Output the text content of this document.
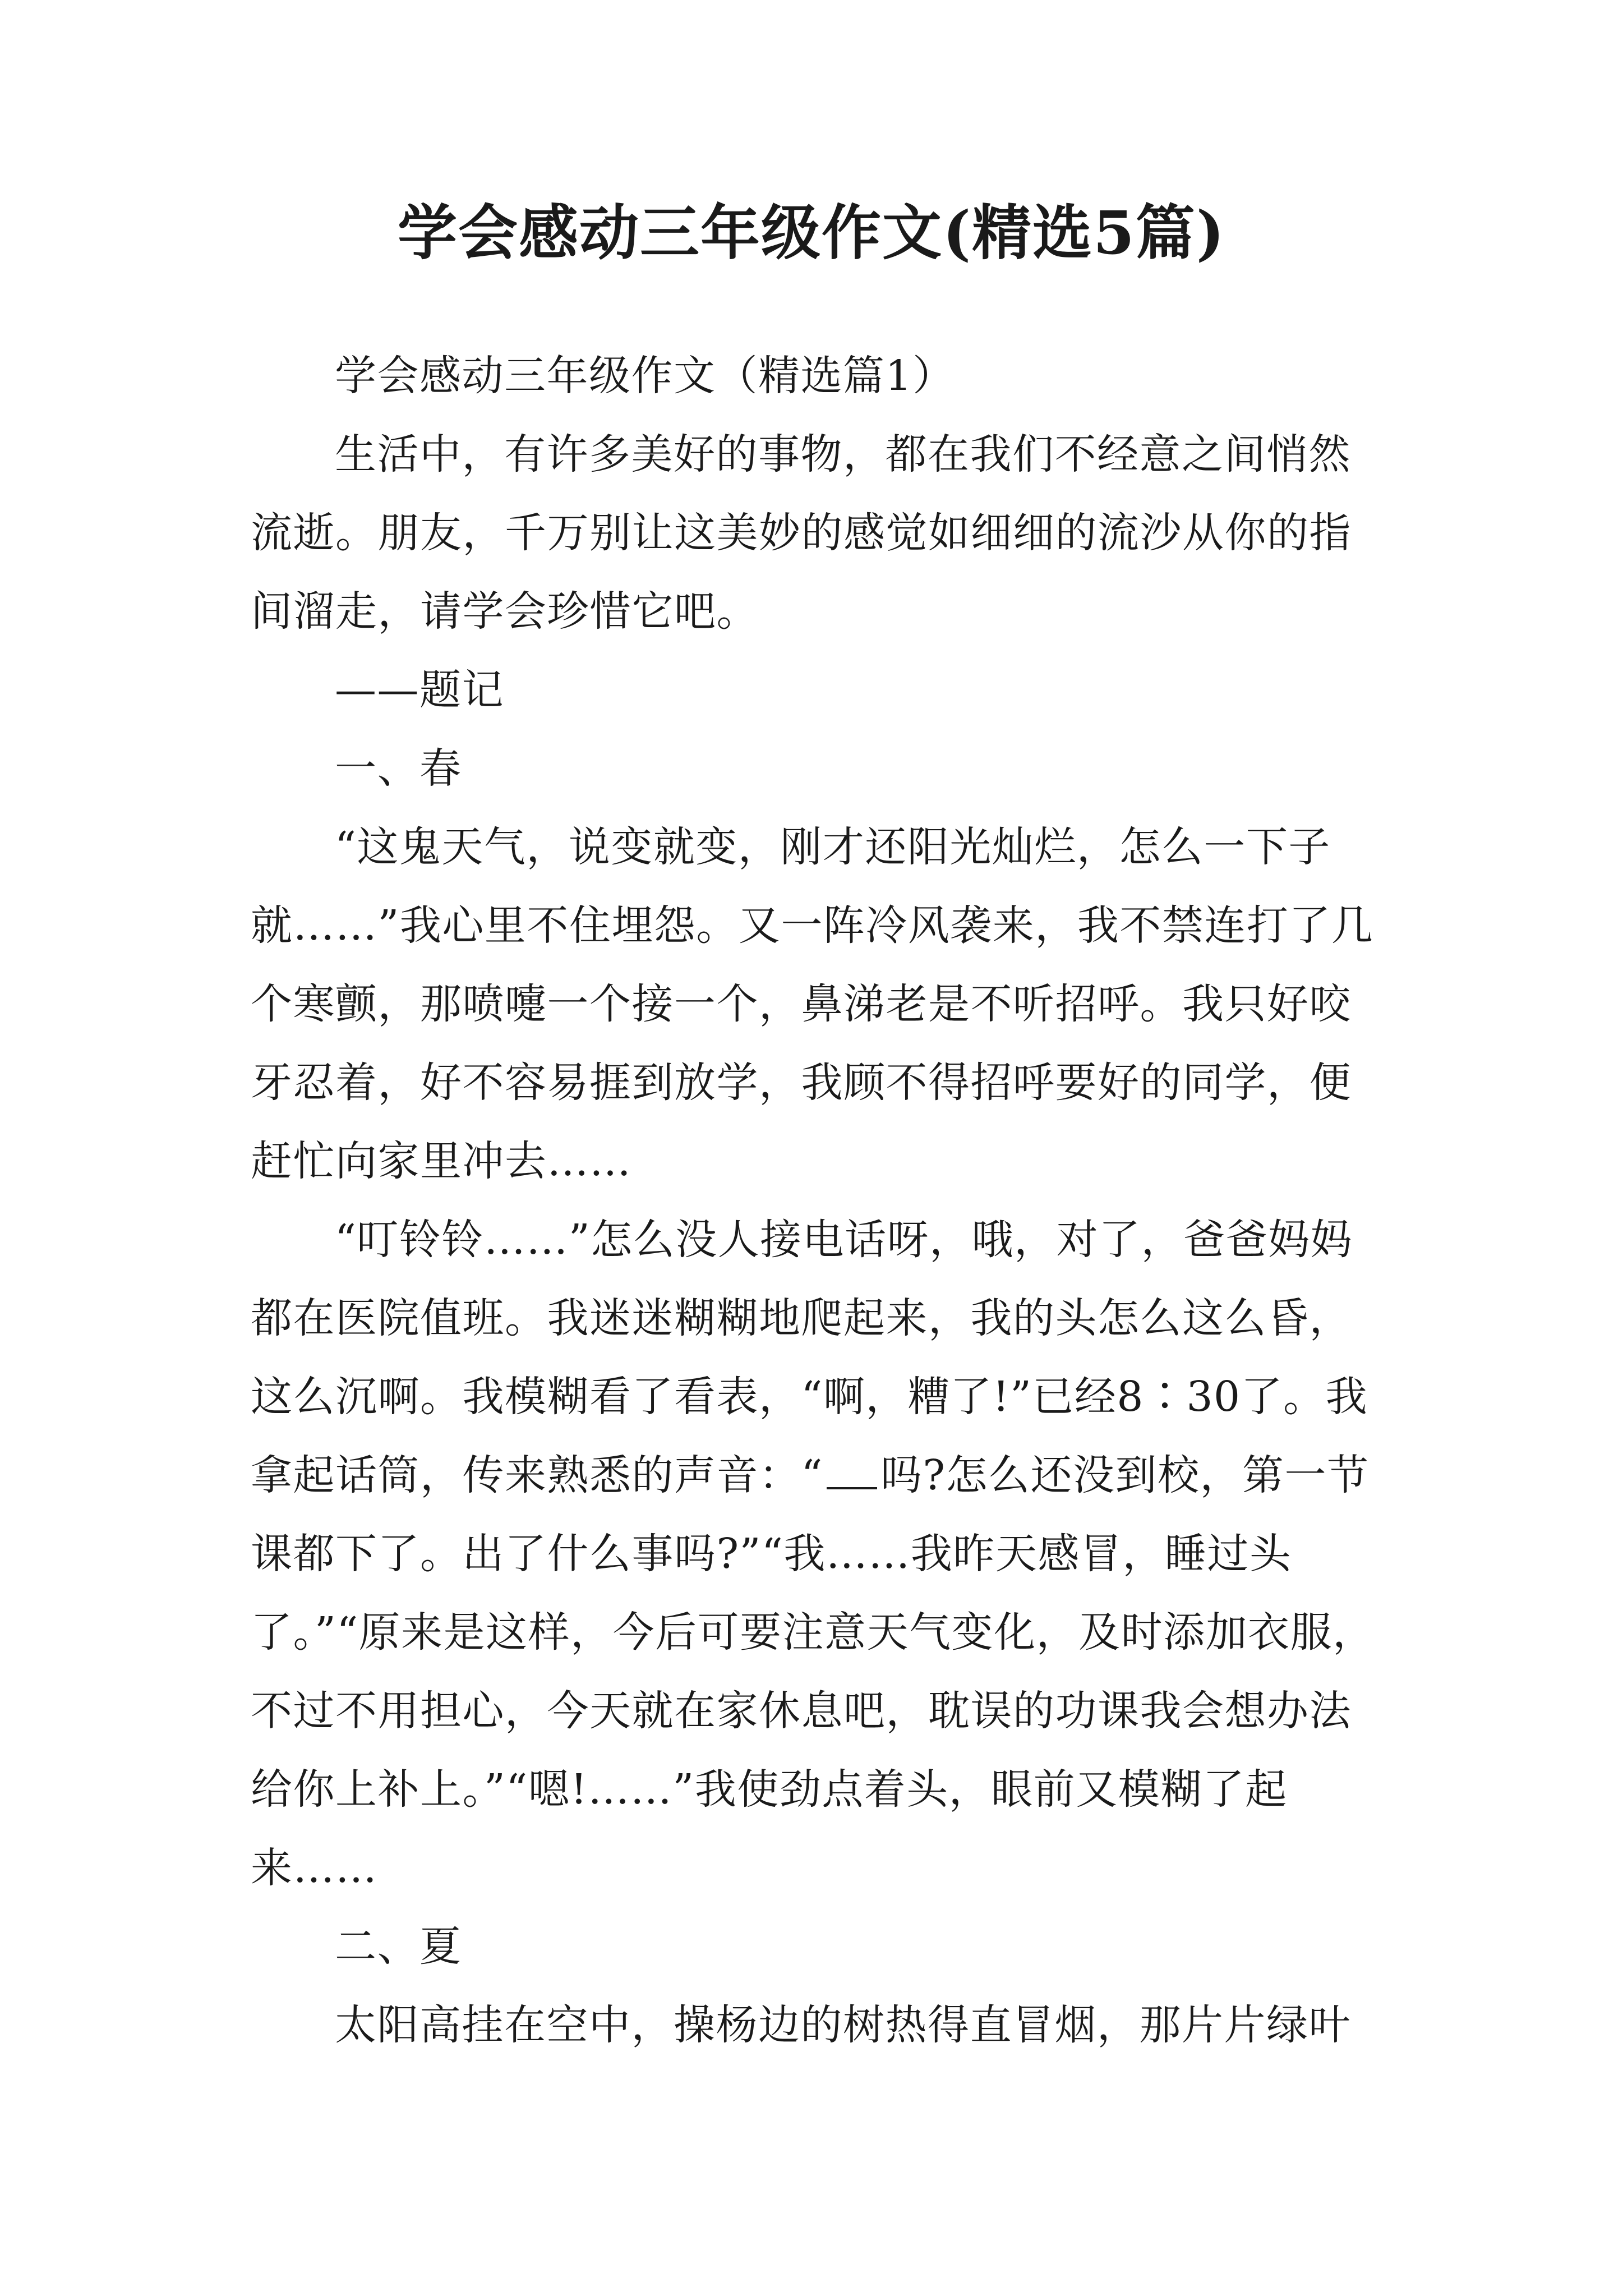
学会感动三年级作文(精选5篇)

学会感动三年级作文（精选篇1）

生活中，有许多美好的事物，都在我们不经意之间悄然流逝。朋友，千万别让这美妙的感觉如细细的流沙从你的指间溜走，请学会珍惜它吧。

——题记

一、春

“这鬼天气，说变就变，刚才还阳光灿烂，怎么一下子就……”我心里不住埋怨。又一阵冷风袭来，我不禁连打了几个寒颤，那喷嚏一个接一个，鼻涕老是不听招呼。我只好咬牙忍着，好不容易捱到放学，我顾不得招呼要好的同学，便赶忙向家里冲去……

“叮铃铃……”怎么没人接电话呀，哦，对了，爸爸妈妈都在医院值班。我迷迷糊糊地爬起来，我的头怎么这么昏，这么沉啊。我模糊看了看表，“啊，糟了!”已经8∶30了。我拿起话筒，传来熟悉的声音：“ 吗?怎么还没到校，第一节课都下了。出了什么事吗?”“我……我昨天感冒，睡过头了。”“原来是这样，今后可要注意天气变化，及时添加衣服，不过不用担心，今天就在家休息吧，耽误的功课我会想办法给你上补上。”“嗯!……”我使劲点着头，眼前又模糊了起来……

二、夏

太阳高挂在空中，操杨边的树热得直冒烟，那片片绿叶
